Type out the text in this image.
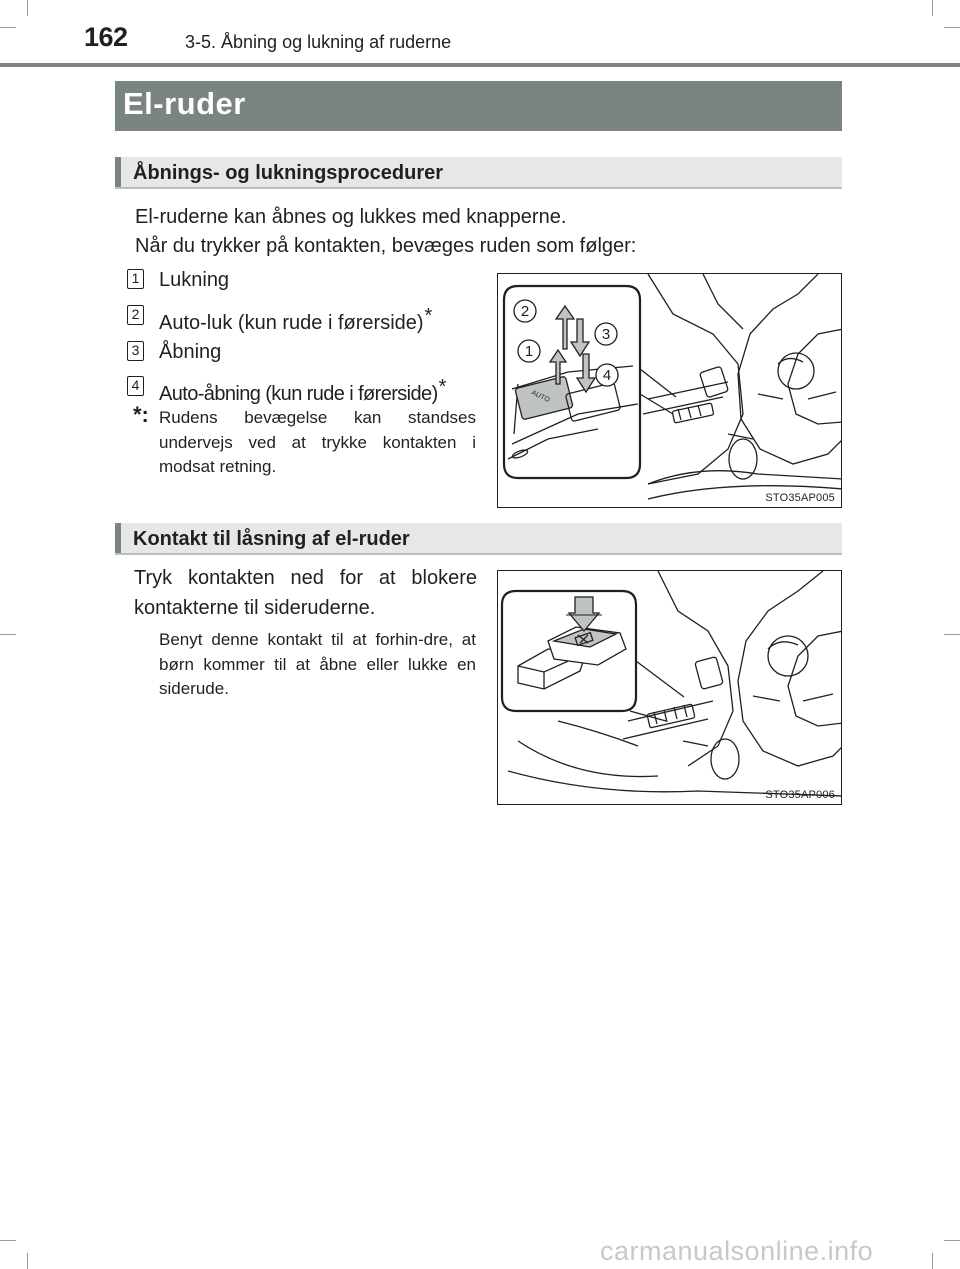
162	3-5. Åbning og lukning af ruderne
El-ruder
Åbnings- og lukningsprocedurer
El-ruderne kan åbnes og lukkes med knapperne.
Når du trykker på kontakten, bevæges ruden som følger:
1 Lukning
2 Auto-luk (kun rude i førerside)*
3 Åbning
4 Auto-åbning (kun rude i førerside)*
*: Rudens bevægelse kan standses undervejs ved at trykke kontakten i modsat retning.
AUTO
2
1
3
4
STO35AP005
Kontakt til låsning af el-ruder
Tryk kontakten ned for at blokere kontakterne til sideruderne.
Benyt denne kontakt til at forhin-dre, at børn kommer til at åbne eller lukke en siderude.
STO35AP006
carmanualsonline.info
